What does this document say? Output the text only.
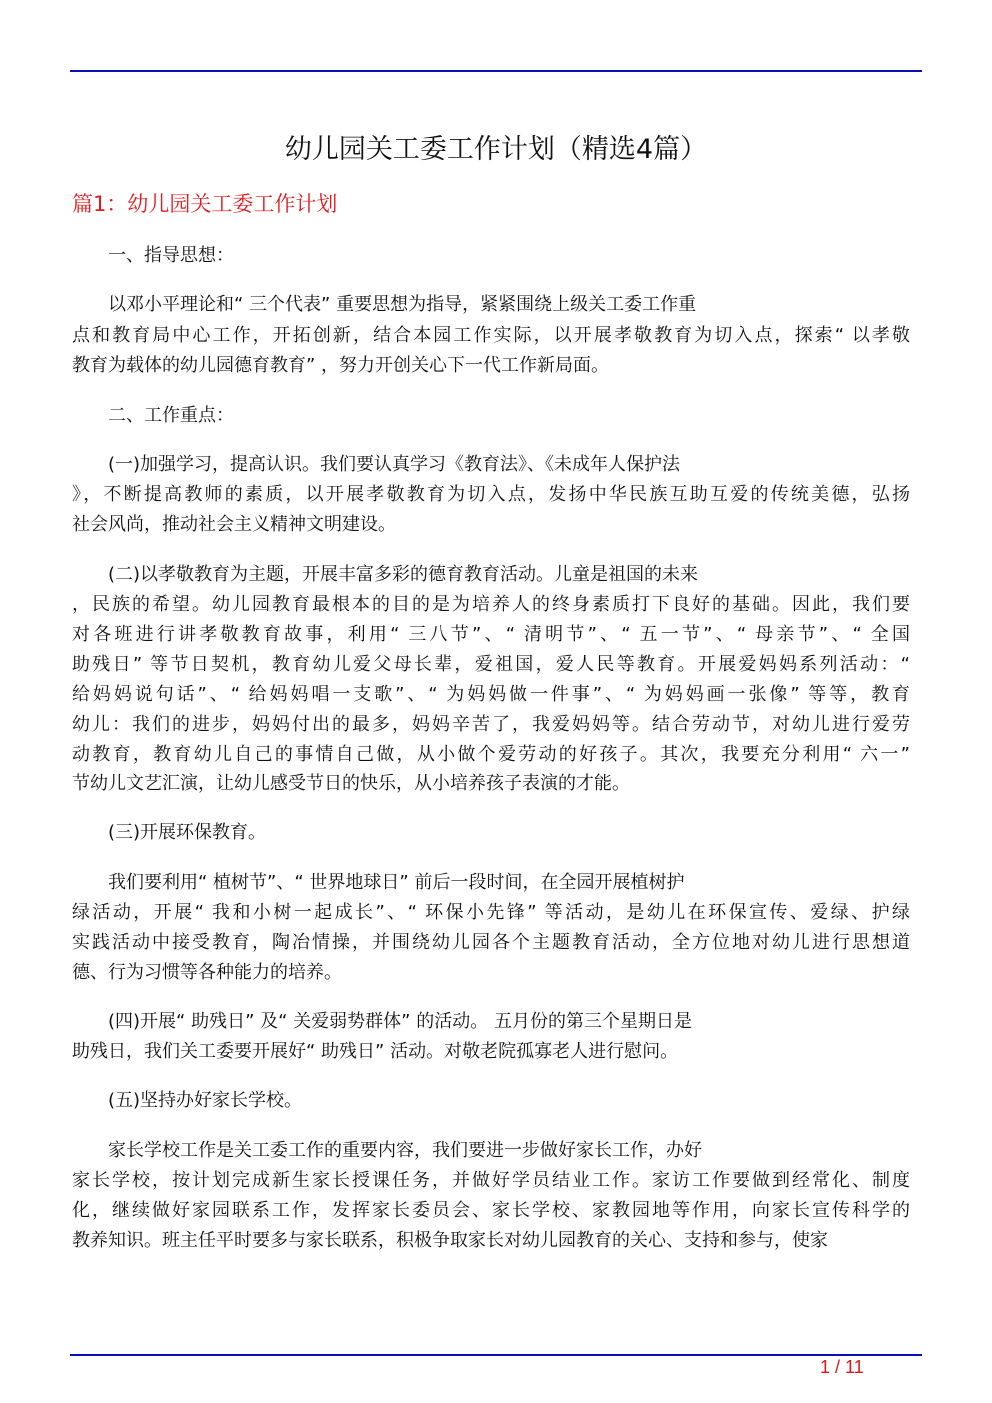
幼儿园关工委工作计划（精选4篇）
篇1：幼儿园关工委工作计划
一、指导思想：
以邓小平理论和“ 三个代表” 重要思想为指导，紧紧围绕上级关工委工作重
点和教育局中心工作，开拓创新，结合本园工作实际，以开展孝敬教育为切入点，探索“ 以孝敬
教育为载体的幼儿园德育教育” ，努力开创关心下一代工作新局面。
二、工作重点：
(一)加强学习，提高认识。我们要认真学习《教育法》、《未成年人保护法
》，不断提高教师的素质，以开展孝敬教育为切入点，发扬中华民族互助互爱的传统美德，弘扬
社会风尚，推动社会主义精神文明建设。
(二)以孝敬教育为主题，开展丰富多彩的德育教育活动。儿童是祖国的未来
，民族的希望。幼儿园教育最根本的目的是为培养人的终身素质打下良好的基础。因此，我们要
对各班进行讲孝敬教育故事，利用“ 三八节”、“ 清明节”、“ 五一节”、“ 母亲节”、“ 全国
助残日” 等节日契机，教育幼儿爱父母长辈，爱祖国，爱人民等教育。开展爱妈妈系列活动：“
给妈妈说句话”、“ 给妈妈唱一支歌”、“ 为妈妈做一件事”、“ 为妈妈画一张像” 等等，教育
幼儿：我们的进步，妈妈付出的最多，妈妈辛苦了，我爱妈妈等。结合劳动节，对幼儿进行爱劳
动教育，教育幼儿自己的事情自己做，从小做个爱劳动的好孩子。其次，我要充分利用“ 六一”
节幼儿文艺汇演，让幼儿感受节日的快乐，从小培养孩子表演的才能。
(三)开展环保教育。
我们要利用“ 植树节”、“ 世界地球日” 前后一段时间，在全园开展植树护
绿活动，开展“ 我和小树一起成长”、“ 环保小先锋” 等活动，是幼儿在环保宣传、爱绿、护绿
实践活动中接受教育，陶冶情操，并围绕幼儿园各个主题教育活动，全方位地对幼儿进行思想道
德、行为习惯等各种能力的培养。
(四)开展“ 助残日” 及“ 关爱弱势群体” 的活动。 五月份的第三个星期日是
助残日，我们关工委要开展好“ 助残日” 活动。对敬老院孤寡老人进行慰问。
(五)坚持办好家长学校。
家长学校工作是关工委工作的重要内容，我们要进一步做好家长工作，办好
家长学校，按计划完成新生家长授课任务，并做好学员结业工作。家访工作要做到经常化、制度
化，继续做好家园联系工作，发挥家长委员会、家长学校、家教园地等作用，向家长宣传科学的
教养知识。班主任平时要多与家长联系，积极争取家长对幼儿园教育的关心、支持和参与，使家
1 / 11
